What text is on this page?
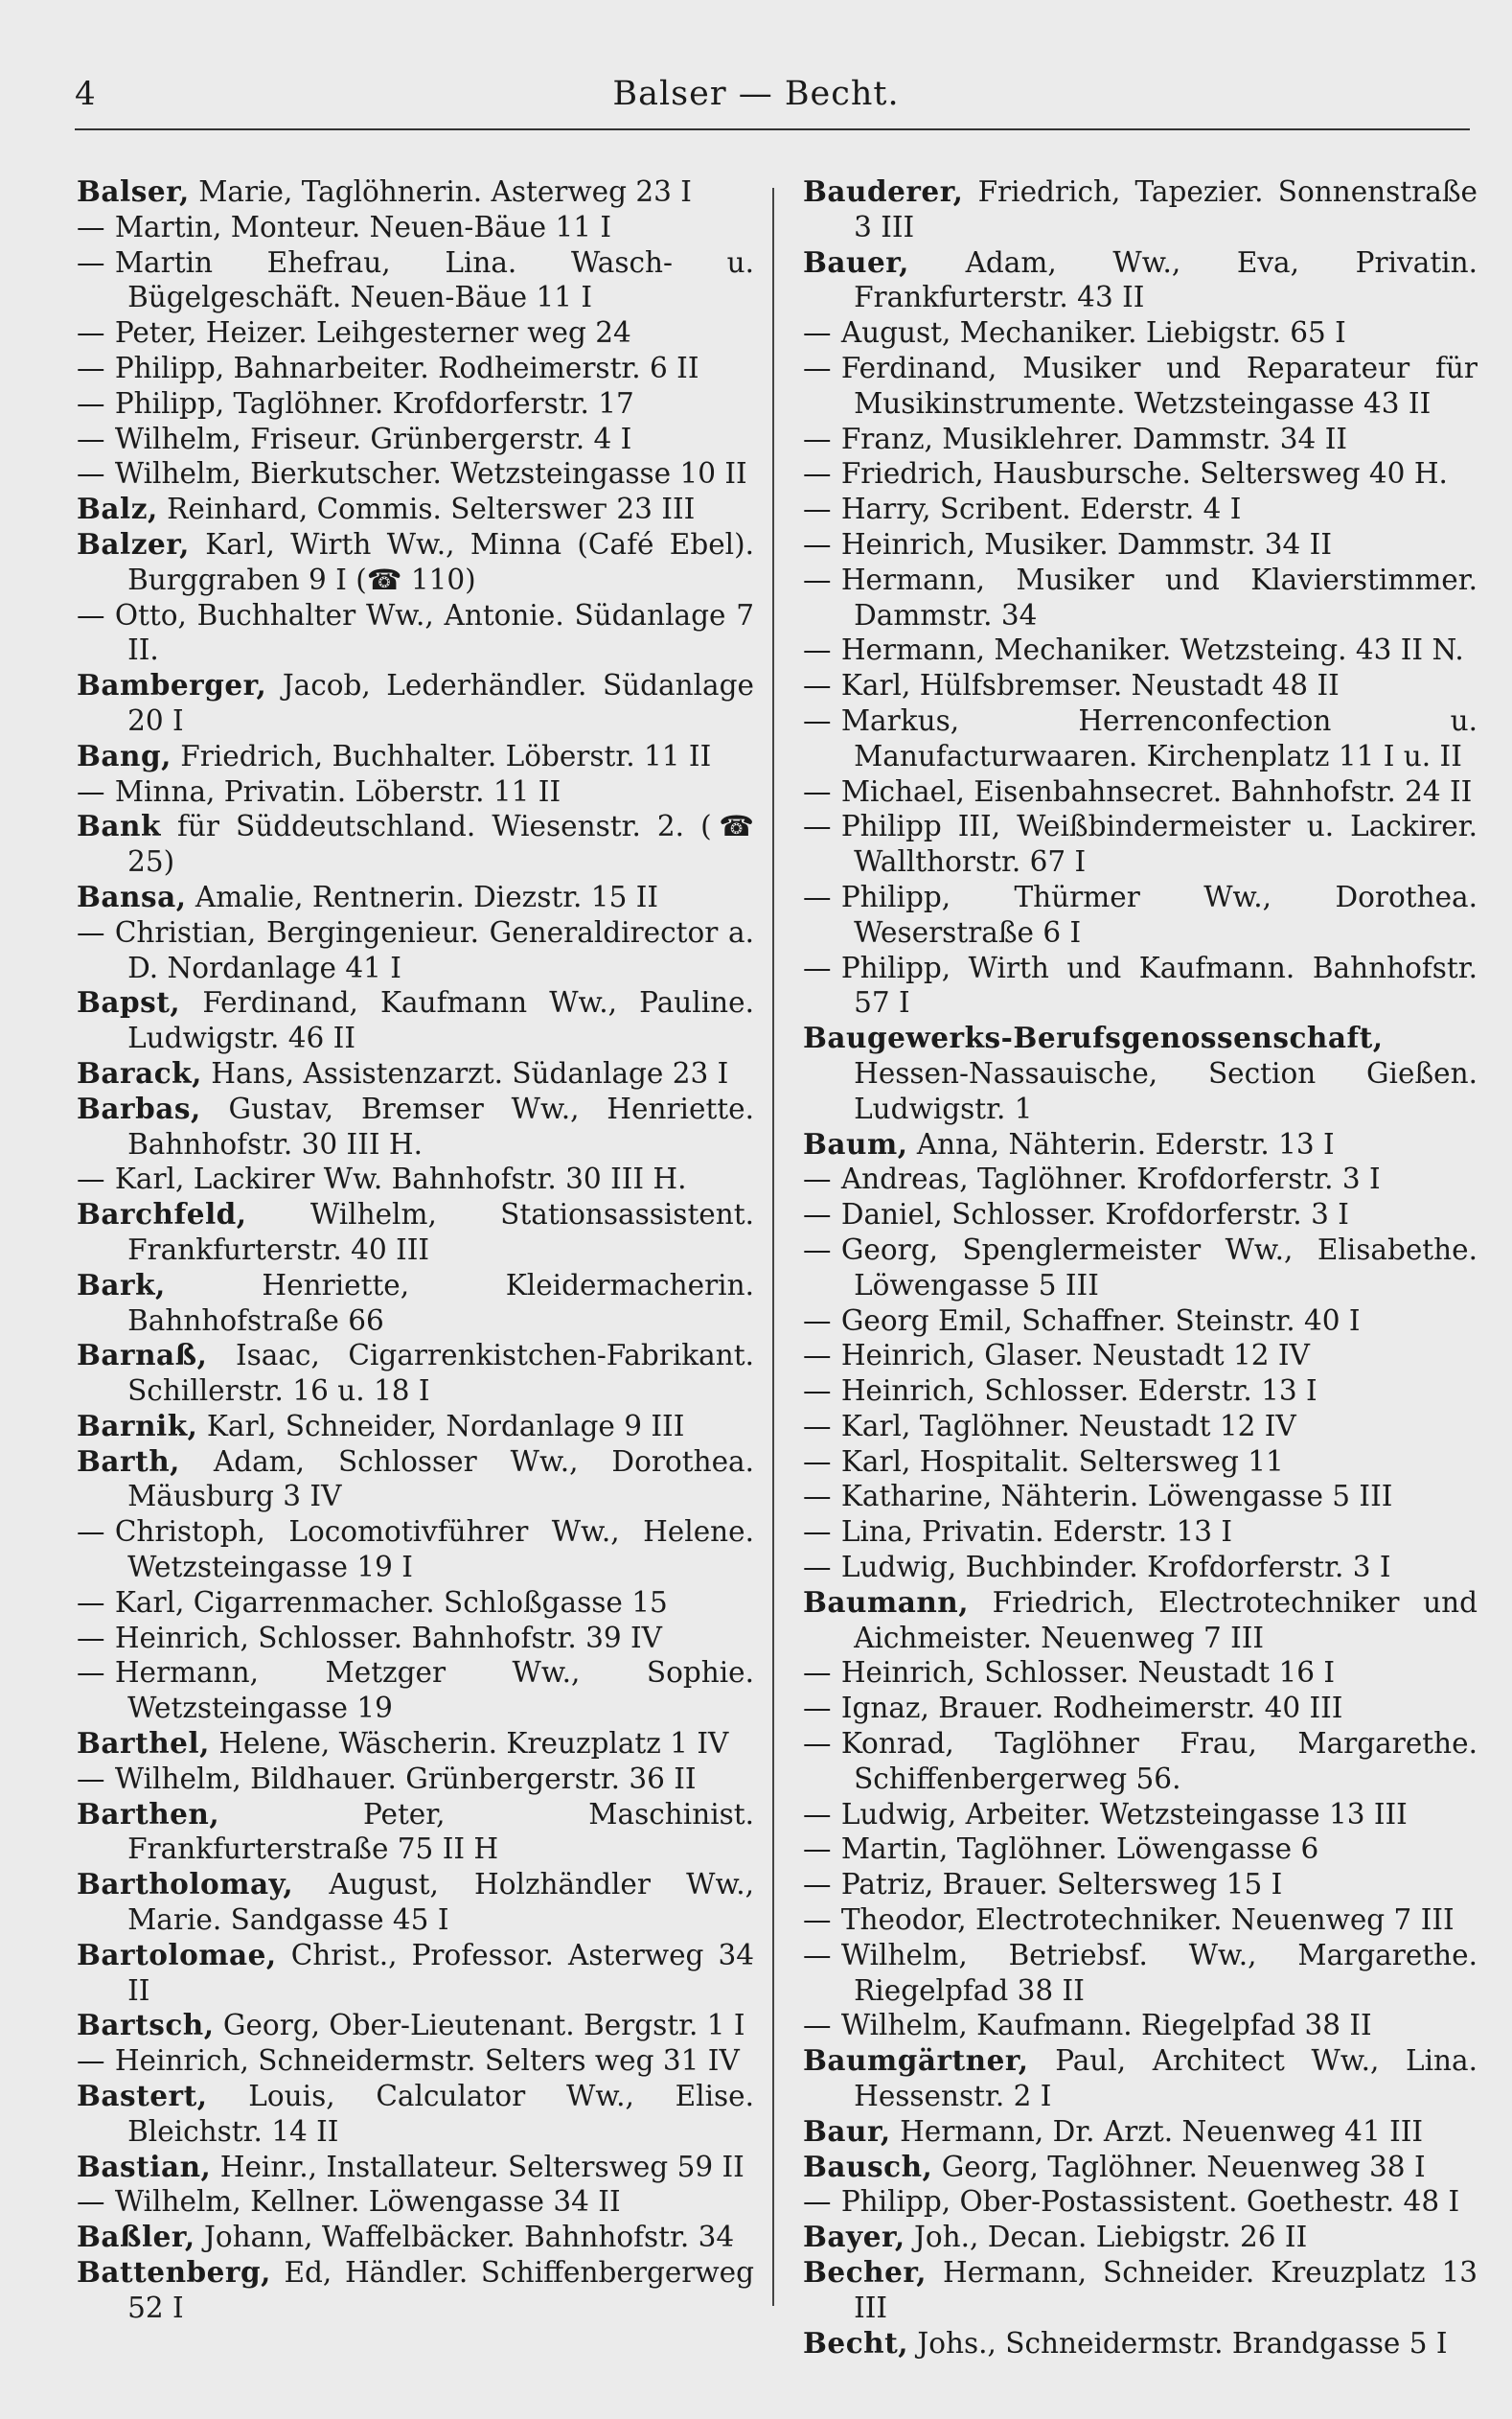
4	Balser — Becht.
Balser, Marie, Taglöhnerin. Asterweg 23 I
— Martin, Monteur. Neuen-Bäue 11 I
— Martin Ehefrau, Lina. Wasch- u. Bügelgeschäft. Neuen-Bäue 11 I
— Peter, Heizer. Leihgesterner weg 24
— Philipp, Bahnarbeiter. Rodheimerstr. 6 II
— Philipp, Taglöhner. Krofdorferstr. 17
— Wilhelm, Friseur. Grünbergerstr. 4 I
— Wilhelm, Bierkutscher. Wetzsteingasse 10 II
Balz, Reinhard, Commis. Selterswег 23 III
Balzer, Karl, Wirth Ww., Minna (Café Ebel). Burggraben 9 I (☎ 110)
— Otto, Buchhalter Ww., Antonie. Südanlage 7 II.
Bamberger, Jacob, Lederhändler. Südanlage 20 I
Bang, Friedrich, Buchhalter. Löberstr. 11 II
— Minna, Privatin. Löberstr. 11 II
Bank für Süddeutschland. Wiesenstr. 2. (☎ 25)
Bansa, Amalie, Rentnerin. Diezstr. 15 II
— Christian, Bergingenieur. Generaldirector a. D. Nordanlage 41 I
Bapst, Ferdinand, Kaufmann Ww., Pauline. Ludwigstr. 46 II
Barack, Hans, Assistenzarzt. Südanlage 23 I
Barbas, Gustav, Bremser Ww., Henriette. Bahnhofstr. 30 III H.
— Karl, Lackirer Ww. Bahnhofstr. 30 III H.
Barchfeld, Wilhelm, Stationsassistent. Frankfurterstr. 40 III
Bark,	Henriette, Kleidermacherin. Bahnhofstraße 66
Barnaß, Isaac, Cigarrenkistchen-Fabrikant. Schillerstr. 16 u. 18 I
Barnik, Karl, Schneider, Nordanlage 9 III
Barth, Adam, Schlosser Ww., Dorothea. Mäusburg 3 IV
— Christoph, Locomotivführer Ww., Helene. Wetzsteingasse 19 I
— Karl, Cigarrenmacher. Schloßgasse 15
— Heinrich, Schlosser. Bahnhofstr. 39 IV
— Hermann, Metzger Ww., Sophie. Wetzsteingasse 19
Barthel, Helene, Wäscherin. Kreuzplatz 1 IV
— Wilhelm, Bildhauer. Grünbergerstr. 36 II
Barthen,	Peter, Maschinist. Frankfurterstraße 75 II H
Bartholomay, August, Holzhändler Ww., Marie. Sandgasse 45 I
Bartolomae, Christ., Professor. Asterweg 34 II
Bartsch, Georg, Ober-Lieutenant. Bergstr. 1 I
— Heinrich, Schneidermstr. Selters weg 31 IV
Bastert, Louis, Calculator Ww., Elise. Bleichstr. 14 II
Bastian, Heinr., Installateur. Seltersweg 59 II
— Wilhelm, Kellner. Löwengasse 34 II
Baßler, Johann, Waffelbäcker. Bahnhofstr. 34
Battenberg, Ed, Händler. Schiffenbergerweg 52 I
Bauderer, Friedrich, Tapezier. Sonnenstraße 3 III
Bauer, Adam, Ww., Eva, Privatin. Frankfurterstr. 43 II
— August, Mechaniker. Liebigstr. 65 I
— Ferdinand, Musiker und Reparateur für Musikinstrumente. Wetzsteingasse 43 II
— Franz, Musiklehrer. Dammstr. 34 II
— Friedrich, Hausbursche. Seltersweg 40 H.
— Harry, Scribent. Ederstr. 4 I
— Heinrich, Musiker. Dammstr. 34 II
— Hermann, Musiker und Klavierstimmer. Dammstr. 34
— Hermann, Mechaniker. Wetzsteing. 43 II N.
— Karl, Hülfsbremser. Neustadt 48 II
— Markus, Herrenconfection u. Manufacturwaaren. Kirchenplatz 11 I u. II
— Michael, Eisenbahnsecret. Bahnhofstr. 24 II
— Philipp III, Weißbindermeister u. Lackirer. Wallthorstr. 67 I
— Philipp, Thürmer Ww., Dorothea. Weserstraße 6 I
— Philipp, Wirth und Kaufmann. Bahnhofstr. 57 I
Baugewerks-Berufsgenossenschaft, Hessen-Nassauische, Section Gießen. Ludwigstr. 1
Baum, Anna, Nähterin. Ederstr. 13 I
— Andreas, Taglöhner. Krofdorferstr. 3 I
— Daniel, Schlosser. Krofdorferstr. 3 I
— Georg, Spenglermeister Ww., Elisabethe. Löwengasse 5 III
— Georg Emil, Schaffner. Steinstr. 40 I
— Heinrich, Glaser. Neustadt 12 IV
— Heinrich, Schlosser. Ederstr. 13 I
— Karl, Taglöhner. Neustadt 12 IV
— Karl, Hospitalit. Seltersweg 11
— Katharine, Nähterin. Löwengasse 5 III
— Lina, Privatin. Ederstr. 13 I
— Ludwig, Buchbinder. Krofdorferstr. 3 I
Baumann, Friedrich, Electrotechniker und Aichmeister. Neuenweg 7 III
— Heinrich, Schlosser. Neustadt 16 I
— Ignaz, Brauer. Rodheimerstr. 40 III
— Konrad, Taglöhner Frau, Margarethe. Schiffenbergerweg 56.
— Ludwig, Arbeiter. Wetzsteingasse 13 III
— Martin, Taglöhner. Löwengasse 6
— Patriz, Brauer. Seltersweg 15 I
— Theodor, Electrotechniker. Neuenweg 7 III
— Wilhelm, Betriebsf. Ww., Margarethe. Riegelpfad 38 II
— Wilhelm, Kaufmann. Riegelpfad 38 II
Baumgärtner, Paul, Architect Ww., Lina. Hessenstr. 2 I
Baur, Hermann, Dr. Arzt. Neuenweg 41 III
Bausch, Georg, Taglöhner. Neuenweg 38 I
— Philipp, Ober-Postassistent. Goethestr. 48 I
Bayer, Joh., Decan. Liebigstr. 26 II
Becher, Hermann, Schneider. Kreuzplatz 13 III
Becht, Johs., Schneidermstr. Brandgasse 5 I
